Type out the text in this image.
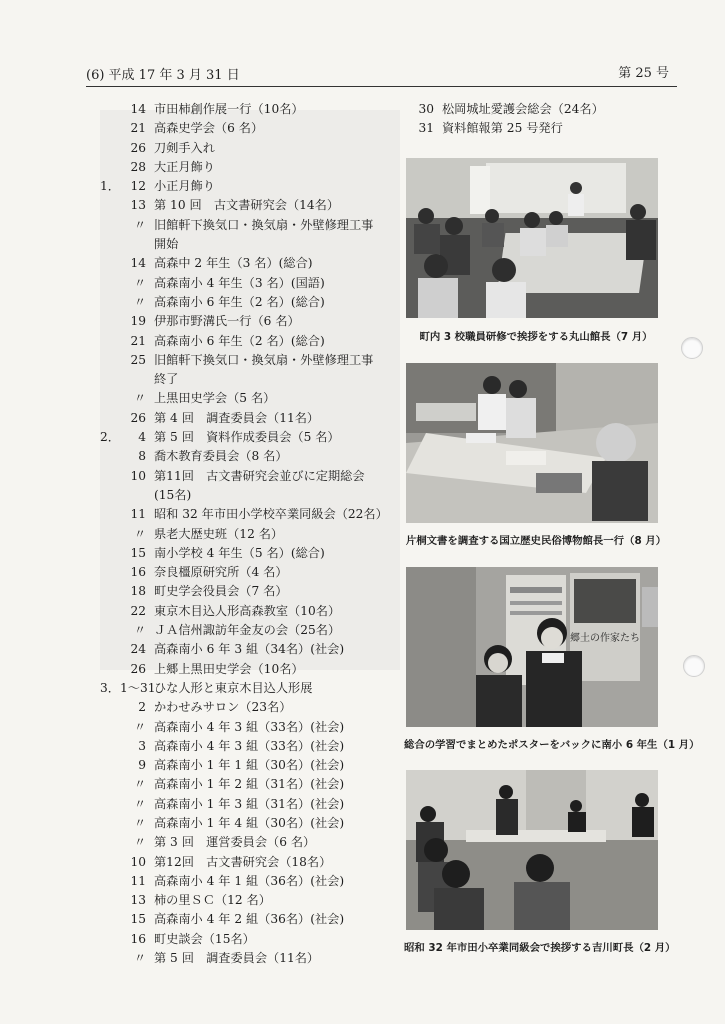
(6) 平成 17 年 3 月 31 日	第 25 号
14 市田柿創作展一行（10名）
21 高森史学会（6 名）
26 刀剣手入れ
28 大正月飾り
1． 12 小正月飾り
13 第 10 回　古文書研究会（14名）
〃 旧館軒下換気口・換気扇・外壁修理工事
開始
14 高森中 2 年生（3 名）(総合)
〃 高森南小 4 年生（3 名）(国語)
〃 高森南小 6 年生（2 名）(総合)
19 伊那市野溝氏一行（6 名）
21 高森南小 6 年生（2 名）(総合)
25 旧館軒下換気口・換気扇・外壁修理工事
終了
〃 上黒田史学会（5 名）
26 第 4 回　調査委員会（11名）
2．	4 第 5 回　資料作成委員会（5 名）
8 喬木教育委員会（8 名）
10 第11回　古文書研究会並びに定期総会
(15名)
11 昭和 32 年市田小学校卒業同級会（22名）
〃 県老大歴史班（12 名）
15 南小学校 4 年生（5 名）(総合)
16 奈良橿原研究所（4 名）
18 町史学会役員会（7 名）
22 東京木目込人形高森教室（10名）
〃 ＪＡ信州諏訪年金友の会（25名）
24 高森南小 6 年 3 組（34名）(社会)
26 上郷上黒田史学会（10名）
3． 1～31
ひな人形と東京木目込人形展
2 かわせみサロン（23名）
〃 高森南小 4 年 3 組（33名）(社会)
3 高森南小 4 年 3 組（33名）(社会)
9 高森南小 1 年 1 組（30名）(社会)
〃 高森南小 1 年 2 組（31名）(社会)
〃 高森南小 1 年 3 組（31名）(社会)
〃 高森南小 1 年 4 組（30名）(社会)
〃 第 3 回　運営委員会（6 名）
10 第12回　古文書研究会（18名）
11 高森南小 4 年 1 組（36名）(社会)
13 柿の里ＳＣ（12 名）
15 高森南小 4 年 2 組（36名）(社会)
16 町史談会（15名）
〃 第 5 回　調査委員会（11名）
30 松岡城址愛護会総会（24名）
31 資料館報第 25 号発行
町内 3 校職員研修で挨拶をする丸山館長（7 月）
片桐文書を調査する国立歴史民俗博物館長一行（8 月）
郷土の作家たち
総合の学習でまとめたポスターをバックに南小 6 年生（1 月）
昭和 32 年市田小卒業同級会で挨拶する吉川町長（2 月）
